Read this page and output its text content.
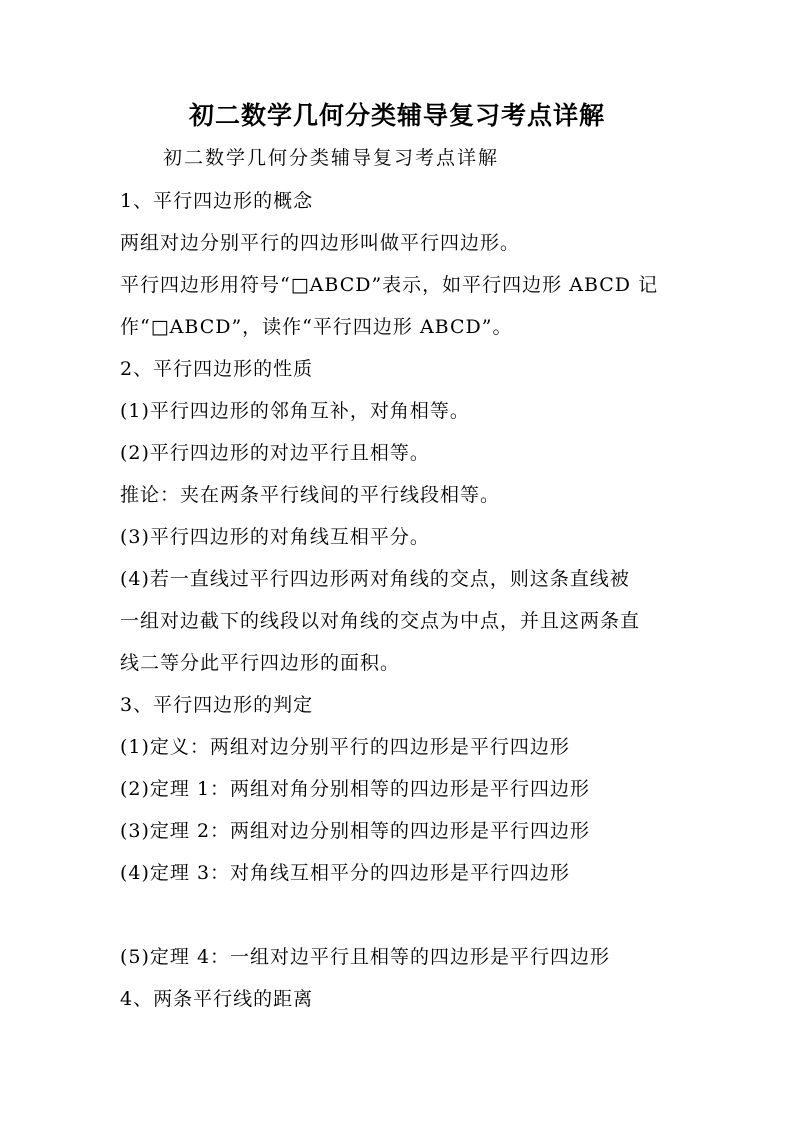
初二数学几何分类辅导复习考点详解
初二数学几何分类辅导复习考点详解
1、平行四边形的概念
两组对边分别平行的四边形叫做平行四边形。
平行四边形用符号“□ABCD”表示，如平行四边形 ABCD 记
作“□ABCD”，读作“平行四边形 ABCD”。
2、平行四边形的性质
(1)平行四边形的邻角互补，对角相等。
(2)平行四边形的对边平行且相等。
推论：夹在两条平行线间的平行线段相等。
(3)平行四边形的对角线互相平分。
(4)若一直线过平行四边形两对角线的交点，则这条直线被
一组对边截下的线段以对角线的交点为中点，并且这两条直
线二等分此平行四边形的面积。
3、平行四边形的判定
(1)定义：两组对边分别平行的四边形是平行四边形
(2)定理 1：两组对角分别相等的四边形是平行四边形
(3)定理 2：两组对边分别相等的四边形是平行四边形
(4)定理 3：对角线互相平分的四边形是平行四边形
(5)定理 4：一组对边平行且相等的四边形是平行四边形
4、两条平行线的距离
